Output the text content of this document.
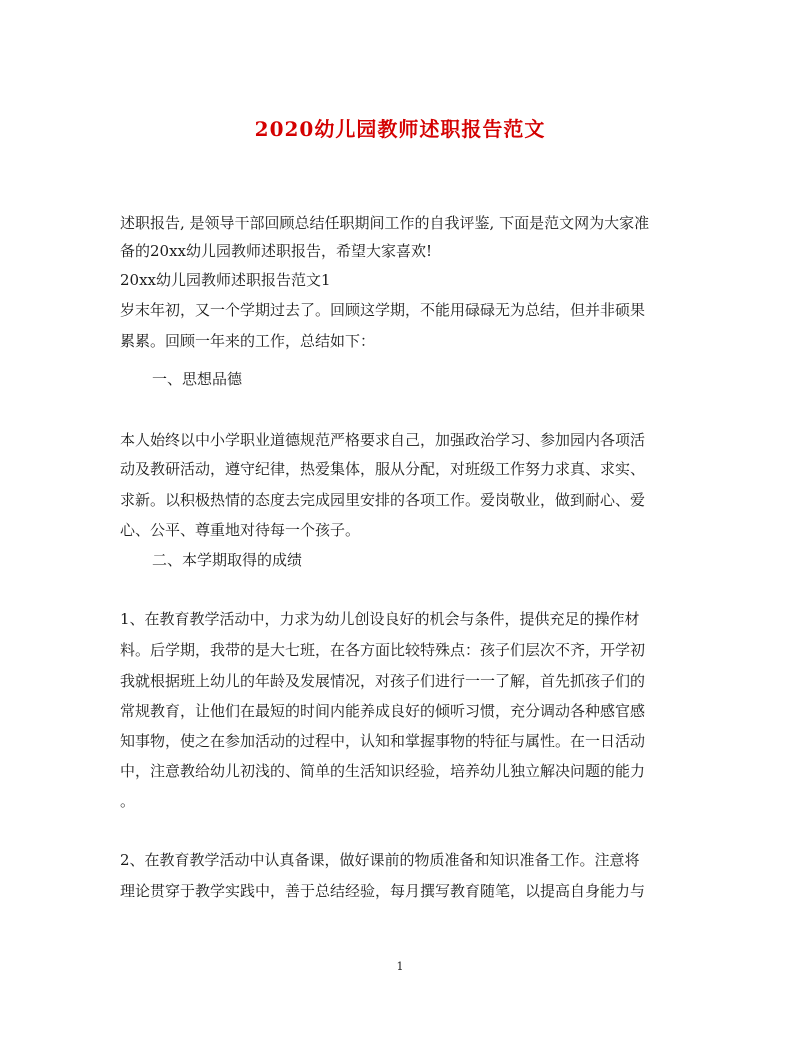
2020幼儿园教师述职报告范文
述职报告, 是领导干部回顾总结任职期间工作的自我评鉴, 下面是范文网为大家准
备的20xx幼儿园教师述职报告，希望大家喜欢!
20xx幼儿园教师述职报告范文1
岁末年初，又一个学期过去了。回顾这学期，不能用碌碌无为总结，但并非硕果
累累。回顾一年来的工作，总结如下：
一、思想品德
本人始终以中小学职业道德规范严格要求自己，加强政治学习、参加园内各项活
动及教研活动，遵守纪律，热爱集体，服从分配，对班级工作努力求真、求实、
求新。以积极热情的态度去完成园里安排的各项工作。爱岗敬业，做到耐心、爱
心、公平、尊重地对待每一个孩子。
二、本学期取得的成绩
1、在教育教学活动中，力求为幼儿创设良好的机会与条件，提供充足的操作材
料。后学期，我带的是大七班，在各方面比较特殊点：孩子们层次不齐，开学初
我就根据班上幼儿的年龄及发展情况，对孩子们进行一一了解，首先抓孩子们的
常规教育，让他们在最短的时间内能养成良好的倾听习惯，充分调动各种感官感
知事物，使之在参加活动的过程中，认知和掌握事物的特征与属性。在一日活动
中，注意教给幼儿初浅的、简单的生活知识经验，培养幼儿独立解决问题的能力
。
2、在教育教学活动中认真备课，做好课前的物质准备和知识准备工作。注意将
理论贯穿于教学实践中，善于总结经验，每月撰写教育随笔，以提高自身能力与
1
